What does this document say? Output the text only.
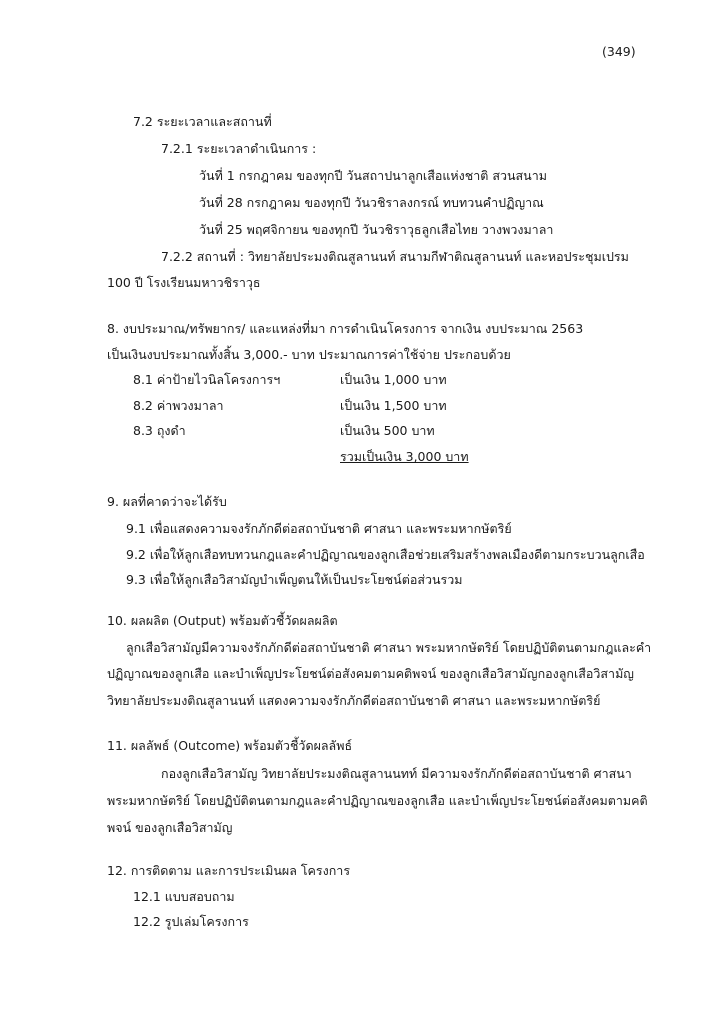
(349)
7.2 ระยะเวลาและสถานที่
7.2.1 ระยะเวลาดำเนินการ :
วันที่ 1 กรกฎาคม ของทุกปี วันสถาปนาลูกเสือแห่งชาติ สวนสนาม
วันที่ 28 กรกฎาคม ของทุกปี วันวชิราลงกรณ์ ทบทวนคำปฏิญาณ
วันที่ 25 พฤศจิกายน ของทุกปี วันวชิราวุธลูกเสือไทย วางพวงมาลา
7.2.2 สถานที่ : วิทยาลัยประมงติณสูลานนท์ สนามกีฬาติณสูลานนท์ และหอประชุมเปรม
100 ปี โรงเรียนมหาวชิราวุธ
8. งบประมาณ/ทรัพยากร/ และแหล่งที่มา การดำเนินโครงการ จากเงิน งบประมาณ 2563
เป็นเงินงบประมาณทั้งสิ้น 3,000.- บาท ประมาณการค่าใช้จ่าย ประกอบด้วย
8.1 ค่าป้ายไวนิลโครงการฯ	เป็นเงิน 1,000 บาท
8.2 ค่าพวงมาลา	เป็นเงิน 1,500 บาท
8.3 ถุงดำ	เป็นเงิน 500 บาท
รวมเป็นเงิน 3,000 บาท
9. ผลที่คาดว่าจะได้รับ
9.1 เพื่อแสดงความจงรักภักดีต่อสถาบันชาติ ศาสนา และพระมหากษัตริย์
9.2 เพื่อให้ลูกเสือทบทวนกฎและคำปฏิญาณของลูกเสือช่วยเสริมสร้างพลเมืองดีตามกระบวนลูกเสือ
9.3 เพื่อให้ลูกเสือวิสามัญบำเพ็ญตนให้เป็นประโยชน์ต่อส่วนรวม
10. ผลผลิต (Output) พร้อมตัวชี้วัดผลผลิต
ลูกเสือวิสามัญมีความจงรักภักดีต่อสถาบันชาติ ศาสนา พระมหากษัตริย์ โดยปฏิบัติตนตามกฎและคำ
ปฏิญาณของลูกเสือ และบำเพ็ญประโยชน์ต่อสังคมตามคติพจน์ ของลูกเสือวิสามัญกองลูกเสือวิสามัญ
วิทยาลัยประมงติณสูลานนท์ แสดงความจงรักภักดีต่อสถาบันชาติ ศาสนา และพระมหากษัตริย์
11. ผลลัพธ์ (Outcome) พร้อมตัวชี้วัดผลลัพธ์
กองลูกเสือวิสามัญ วิทยาลัยประมงติณสูลานนทท์ มีความจงรักภักดีต่อสถาบันชาติ ศาสนา
พระมหากษัตริย์ โดยปฏิบัติตนตามกฎและคำปฏิญาณของลูกเสือ และบำเพ็ญประโยชน์ต่อสังคมตามคติ
พจน์ ของลูกเสือวิสามัญ
12. การติดตาม และการประเมินผล โครงการ
12.1 แบบสอบถาม
12.2 รูปเล่มโครงการ
